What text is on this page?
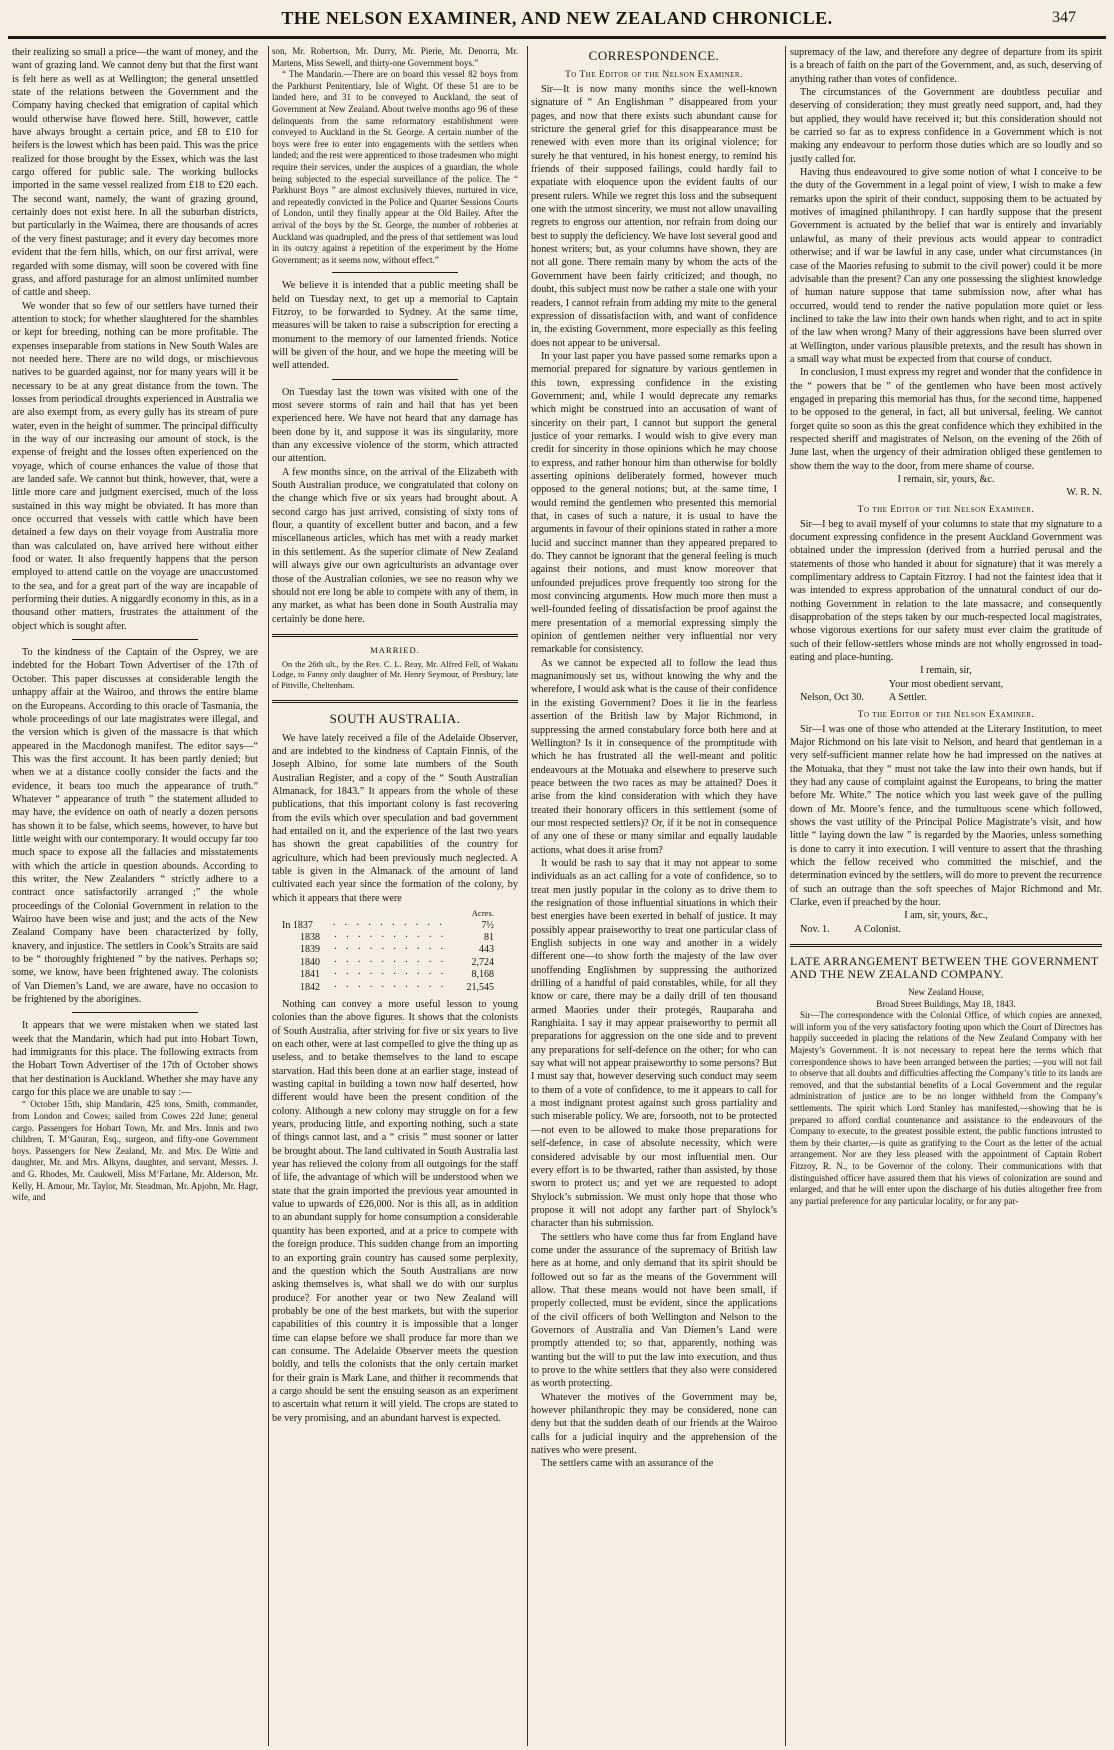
THE NELSON EXAMINER, AND NEW ZEALAND CHRONICLE.	347

their realizing so small a price—the want of money, and the want of grazing land. We cannot deny but that the first want is felt here as well as at Wellington; the general unsettled state of the relations between the Government and the Company having checked that emigration of capital which would otherwise have flowed here. Still, however, cattle have always brought a certain price, and £8 to £10 for heifers is the lowest which has been paid. This was the price realized for those brought by the Essex, which was the last cargo offered for public sale. The working bullocks imported in the same vessel realized from £18 to £20 each. The second want, namely, the want of grazing ground, certainly does not exist here. In all the suburban districts, but particularly in the Waimea, there are thousands of acres of the very finest pasturage; and it every day becomes more evident that the fern hills, which, on our first arrival, were regarded with some dismay, will soon be covered with fine grass, and afford pasturage for an almost unlimited number of cattle and sheep.

We wonder that so few of our settlers have turned their attention to stock; for whether slaughtered for the shambles or kept for breeding, nothing can be more profitable. The expenses inseparable from stations in New South Wales are not needed here. There are no wild dogs, or mischievous natives to be guarded against, nor for many years will it be necessary to be at any great distance from the town. The losses from periodical droughts experienced in Australia we are also exempt from, as every gully has its stream of pure water, even in the height of summer. The principal difficulty in the way of our increasing our amount of stock, is the expense of freight and the losses often experienced on the voyage, which of course enhances the value of those that are landed safe. We cannot but think, however, that, were a little more care and judgment exercised, much of the loss sustained in this way might be obviated. It has more than once occurred that vessels with cattle which have been detained a few days on their voyage from Australia more than was calculated on, have arrived here without either food or water. It also frequently happens that the person employed to attend cattle on the voyage are unaccustomed to the sea, and for a great part of the way are incapable of performing their duties. A niggardly economy in this, as in a thousand other matters, frustrates the attainment of the object which is sought after.

To the kindness of the Captain of the Osprey, we are indebted for the Hobart Town Advertiser of the 17th of October. This paper discusses at considerable length the unhappy affair at the Wairoo, and throws the entire blame on the Europeans. According to this oracle of Tasmania, the whole proceedings of our late magistrates were illegal, and the version which is given of the massacre is that which appeared in the Macdonogh manifest. The editor says—“ This was the first account. It has been partly denied; but when we at a distance coolly consider the facts and the evidence, it bears too much the appearance of truth.” Whatever “ appearance of truth ” the statement alluded to may have, the evidence on oath of nearly a dozen persons has shown it to be false, which seems, however, to have but little weight with our contemporary. It would occupy far too much space to expose all the fallacies and misstatements with which the article in question abounds. According to this writer, the New Zealanders “ strictly adhere to a contract once satisfactorily arranged ;” the whole proceedings of the Colonial Government in relation to the Wairoo have been wise and just; and the acts of the New Zealand Company have been characterized by folly, knavery, and injustice. The settlers in Cook’s Straits are said to be “ thoroughly frightened ” by the natives. Perhaps so; some, we know, have been frightened away. The colonists of Van Diemen’s Land, we are aware, have no occasion to be frightened by the aborigines.

It appears that we were mistaken when we stated last week that the Mandarin, which had put into Hobart Town, had immigrants for this place. The following extracts from the Hobart Town Advertiser of the 17th of October shows that her destination is Auckland. Whether she may have any cargo for this place we are unable to say :—

“ October 15th, ship Mandarin, 425 tons, Smith, commander, from London and Cowes; sailed from Cowes 22d June; general cargo. Passengers for Hobart Town, Mr. and Mrs. Innis and two children, T. M‘Gauran, Esq., surgeon, and fifty-one Government boys. Passengers for New Zealand, Mr. and Mrs. De Witte and daughter, Mr. and Mrs. Alkyns, daughter, and servant, Messrs. J. and G. Rhodes, Mr. Caukwell, Miss M‘Farlane, Mr. Alderson, Mr. Kelly, H. Amour, Mr. Taylor, Mr. Steadman, Mr. Apjohn, Mr. Hagr, wife, and

son, Mr. Robertson, Mr. Durry, Mr. Pierie, Mr. Denorra, Mr. Martens, Miss Sewell, and thirty-one Government boys.”

“ The Mandarin.—There are on board this vessel 82 boys from the Parkhurst Penitentiary, Isle of Wight. Of these 51 are to be landed here, and 31 to be conveyed to Auckland, the seat of Government at New Zealand. About twelve months ago 96 of these delinquents from the same reformatory establishment were conveyed to Auckland in the St. George. A certain number of the boys were free to enter into engagements with the settlers when landed; and the rest were apprenticed to those tradesmen who might require their services, under the auspices of a guardian, the whole being subjected to the especial surveillance of the police. The “ Parkhurst Boys ” are almost exclusively thieves, nurtured in vice, and repeatedly convicted in the Police and Quarter Sessions Courts of London, until they finally appear at the Old Bailey. After the arrival of the boys by the St. George, the number of robberies at Auckland was quadrupled, and the press of that settlement was loud in its outcry against a repetition of the experiment by the Home Government; as it seems now, without effect.”

We believe it is intended that a public meeting shall be held on Tuesday next, to get up a memorial to Captain Fitzroy, to be forwarded to Sydney. At the same time, measures will be taken to raise a subscription for erecting a monument to the memory of our lamented friends. Notice will be given of the hour, and we hope the meeting will be well attended.

On Tuesday last the town was visited with one of the most severe storms of rain and hail that has yet been experienced here. We have not heard that any damage has been done by it, and suppose it was its singularity, more than any excessive violence of the storm, which attracted our attention.

A few months since, on the arrival of the Elizabeth with South Australian produce, we congratulated that colony on the change which five or six years had brought about. A second cargo has just arrived, consisting of sixty tons of flour, a quantity of excellent butter and bacon, and a few miscellaneous articles, which has met with a ready market in this settlement. As the superior climate of New Zealand will always give our own agriculturists an advantage over those of the Australian colonies, we see no reason why we should not ere long be able to compete with any of them, in any market, as what has been done in South Australia may certainly be done here.

MARRIED.

On the 26th ult., by the Rev. C. L. Reay, Mr. Alfred Fell, of Wakatu Lodge, to Fanny only daughter of Mr. Henry Seymour, of Presbury, late of Pittville, Cheltenham.

SOUTH AUSTRALIA.

We have lately received a file of the Adelaide Observer, and are indebted to the kindness of Captain Finnis, of the Joseph Albino, for some late numbers of the South Australian Register, and a copy of the “ South Australian Almanack, for 1843.” It appears from the whole of these publications, that this important colony is fast recovering from the evils which over speculation and bad government had entailed on it, and the experience of the last two years has shown the great capabilities of the country for agriculture, which had been previously much neglected. A table is given in the Almanack of the amount of land cultivated each year since the formation of the colony, by which it appears that there were

Acres.
In 1837	· · · · · · · · · ·	7½
1838	· · · · · · · · · ·	81
1839	· · · · · · · · · ·	443
1840	· · · · · · · · · ·	2,724
1841	· · · · · · · · · ·	8,168
1842	· · · · · · · · · ·	21,545

Nothing can convey a more useful lesson to young colonies than the above figures. It shows that the colonists of South Australia, after striving for five or six years to live on each other, were at last compelled to give the thing up as useless, and to betake themselves to the land to escape starvation. Had this been done at an earlier stage, instead of wasting capital in building a town now half deserted, how different would have been the present condition of the colony. Although a new colony may struggle on for a few years, producing little, and exporting nothing, such a state of things cannot last, and a “ crisis ” must sooner or latter be brought about. The land cultivated in South Australia last year has relieved the colony from all outgoings for the staff of life, the advantage of which will be understood when we state that the grain imported the previous year amounted in value to upwards of £26,000. Nor is this all, as in addition to an abundant supply for home consumption a considerable quantity has been exported, and at a price to compete with the foreign produce. This sudden change from an importing to an exporting grain country has caused some perplexity, and the question which the South Australians are now asking themselves is, what shall we do with our surplus produce? For another year or two New Zealand will probably be one of the best markets, but with the superior capabilities of this country it is impossible that a longer time can elapse before we shall produce far more than we can consume. The Adelaide Observer meets the question boldly, and tells the colonists that the only certain market for their grain is Mark Lane, and thither it recommends that a cargo should be sent the ensuing season as an experiment to ascertain what return it will yield. The crops are stated to be very promising, and an abundant harvest is expected.

CORRESPONDENCE.
To The Editor of the Nelson Examiner.

Sir—It is now many months since the well-known signature of “ An Englishman ” disappeared from your pages, and now that there exists such abundant cause for stricture the general grief for this disappearance must be renewed with even more than its original violence; for surely he that ventured, in his honest energy, to remind his friends of their supposed failings, could hardly fail to expatiate with eloquence upon the evident faults of our present rulers. While we regret this loss and the subsequent one with the utmost sincerity, we must not allow unavailing regrets to engross our attention, nor refrain from doing our best to supply the deficiency. We have lost several good and honest writers; but, as your columns have shown, they are not all gone. There remain many by whom the acts of the Government have been fairly criticized; and though, no doubt, this subject must now be rather a stale one with your readers, I cannot refrain from adding my mite to the general expression of dissatisfaction with, and want of confidence in, the existing Government, more especially as this feeling does not appear to be universal.

In your last paper you have passed some remarks upon a memorial prepared for signature by various gentlemen in this town, expressing confidence in the existing Government; and, while I would deprecate any remarks which might be construed into an accusation of want of sincerity on their part, I cannot but support the general justice of your remarks. I would wish to give every man credit for sincerity in those opinions which he may choose to express, and rather honour him than otherwise for boldly asserting opinions deliberately formed, however much opposed to the general notions; but, at the same time, I would remind the gentlemen who presented this memorial that, in cases of such a nature, it is usual to have the arguments in favour of their opinions stated in rather a more lucid and succinct manner than they appeared prepared to do. They cannot be ignorant that the general feeling is much against their notions, and must know moreover that unfounded prejudices prove frequently too strong for the most convincing arguments. How much more then must a well-founded feeling of dissatisfaction be proof against the mere presentation of a memorial expressing simply the opinion of gentlemen neither very influential nor very remarkable for consistency.

As we cannot be expected all to follow the lead thus magnanimously set us, without knowing the why and the wherefore, I would ask what is the cause of their confidence in the existing Government? Does it lie in the fearless assertion of the British law by Major Richmond, in suppressing the armed constabulary force both here and at Wellington? Is it in consequence of the promptitude with which he has frustrated all the well-meant and politic endeavours at the Motuaka and elsewhere to preserve such peace between the two races as may be attained? Does it arise from the kind consideration with which they have treated their honorary officers in this settlement (some of our most respected settlers)? Or, if it be not in consequence of any one of these or many similar and equally laudable actions, what does it arise from?

It would be rash to say that it may not appear to some individuals as an act calling for a vote of confidence, so to treat men justly popular in the colony as to drive them to the resignation of those influential situations in which their best energies have been exerted in behalf of justice. It may possibly appear praiseworthy to treat one particular class of English subjects in one way and another in a widely different one—to show forth the majesty of the law over unoffending Englishmen by suppressing the authorized drilling of a handful of paid constables, while, for all they know or care, there may be a daily drill of ten thousand armed Maories under their protegés, Rauparaha and Ranghiaita. I say it may appear praiseworthy to permit all preparations for aggression on the one side and to prevent any preparations for self-defence on the other; for who can say what will not appear praiseworthy to some persons? But I must say that, however deserving such conduct may seem to them of a vote of confidence, to me it appears to call for a most indignant protest against such gross partiality and such miserable policy. We are, forsooth, not to be protected—not even to be allowed to make those preparations for self-defence, in case of absolute necessity, which were considered advisable by our most influential men. Our every effort is to be thwarted, rather than assisted, by those sworn to protect us; and yet we are requested to adopt Shylock’s submission. We must only hope that those who propose it will not adopt any farther part of Shylock’s character than his submission.

The settlers who have come thus far from England have come under the assurance of the supremacy of British law here as at home, and only demand that its spirit should be followed out so far as the means of the Government will allow. That these means would not have been small, if properly collected, must be evident, since the applications of the civil officers of both Wellington and Nelson to the Governors of Australia and Van Diemen’s Land were promptly attended to; so that, apparently, nothing was wanting but the will to put the law into execution, and thus to prove to the white settlers that they also were considered as worth protecting.

Whatever the motives of the Government may be, however philanthropic they may be considered, none can deny but that the sudden death of our friends at the Wairoo calls for a judicial inquiry and the apprehension of the natives who were present.

The settlers came with an assurance of the

supremacy of the law, and therefore any degree of departure from its spirit is a breach of faith on the part of the Government, and, as such, deserving of anything rather than votes of confidence.

The circumstances of the Government are doubtless peculiar and deserving of consideration; they must greatly need support, and, had they but applied, they would have received it; but this consideration should not be carried so far as to express confidence in a Government which is not making any endeavour to perform those duties which are so loudly and so justly called for.

Having thus endeavoured to give some notion of what I conceive to be the duty of the Government in a legal point of view, I wish to make a few remarks upon the spirit of their conduct, supposing them to be actuated by motives of imagined philanthropy. I can hardly suppose that the present Government is actuated by the belief that war is entirely and invariably unlawful, as many of their previous acts would appear to contradict otherwise; and if war be lawful in any case, under what circumstances (in case of the Maories refusing to submit to the civil power) could it be more advisable than the present? Can any one possessing the slightest knowledge of human nature suppose that tame submission now, after what has occurred, would tend to render the native population more quiet or less inclined to take the law into their own hands when right, and to act in spite of the law when wrong? Many of their aggressions have been slurred over at Wellington, under various plausible pretexts, and the result has shown in a small way what must be expected from that course of conduct.

In conclusion, I must express my regret and wonder that the confidence in the “ powers that be ” of the gentlemen who have been most actively engaged in preparing this memorial has thus, for the second time, happened to be opposed to the general, in fact, all but universal, feeling. We cannot forget quite so soon as this the great confidence which they exhibited in the respected sheriff and magistrates of Nelson, on the evening of the 26th of June last, when the urgency of their admiration obliged these gentlemen to show them the way to the door, from mere shame of course.

I remain, sir, yours, &c.

W. R. N.

To the Editor of the Nelson Examiner.

Sir—I beg to avail myself of your columns to state that my signature to a document expressing confidence in the present Auckland Government was obtained under the impression (derived from a hurried perusal and the statements of those who handed it about for signature) that it was merely a complimentary address to Captain Fitzroy. I had not the faintest idea that it was intended to express approbation of the unnatural conduct of our do-nothing Government in relation to the late massacre, and consequently disapprobation of the steps taken by our much-respected local magistrates, whose vigorous exertions for our safety must ever claim the gratitude of such of their fellow-settlers whose minds are not wholly engrossed in toad-eating and place-hunting.

I remain, sir,

Your most obedient servant,

Nelson, Oct 30.          A Settler.

To the Editor of the Nelson Examiner.

Sir—I was one of those who attended at the Literary Institution, to meet Major Richmond on his late visit to Nelson, and heard that gentleman in a very self-sufficient manner relate how he had impressed on the natives at the Motuaka, that they “ must not take the law into their own hands, but if they had any cause of complaint against the Europeans, to bring the matter before Mr. White.” The notice which you last week gave of the pulling down of Mr. Moore’s fence, and the tumultuous scene which followed, shows the vast utility of the Principal Police Magistrate’s visit, and how little “ laying down the law ” is regarded by the Maories, unless something is done to carry it into execution. I will venture to assert that the thrashing which the fellow received who committed the mischief, and the determination evinced by the settlers, will do more to prevent the recurrence of such an outrage than the soft speeches of Major Richmond and Mr. Clarke, even if preached by the hour.

I am, sir, yours, &c.,

Nov. 1.          A Colonist.

LATE ARRANGEMENT BETWEEN THE GOVERNMENT AND THE NEW ZEALAND COMPANY.

New Zealand House,

Broad Street Buildings, May 18, 1843.

Sir—The correspondence with the Colonial Office, of which copies are annexed, will inform you of the very satisfactory footing upon which the Court of Directors has happily succeeded in placing the relations of the New Zealand Company with her Majesty’s Government. It is not necessary to repeat here the terms which that correspondence shows to have been arranged between the parties; —you will not fail to observe that all doubts and difficulties affecting the Company’s title to its lands are removed, and that the substantial benefits of a Local Government and the regular administration of justice are to be no longer withheld from the Company’s settlements. The spirit which Lord Stanley has manifested,—showing that he is prepared to afford cordial countenance and assistance to the endeavours of the Company to execute, to the greatest possible extent, the public functions intrusted to them by their charter,—is quite as gratifying to the Court as the letter of the actual arrangement. Nor are they less pleased with the appointment of Captain Robert Fitzroy, R. N., to be Governor of the colony. Their communications with that distinguished officer have assured them that his views of colonization are sound and enlarged, and that he will enter upon the discharge of his duties altogether free from any partial preference for any particular locality, or for any par-
